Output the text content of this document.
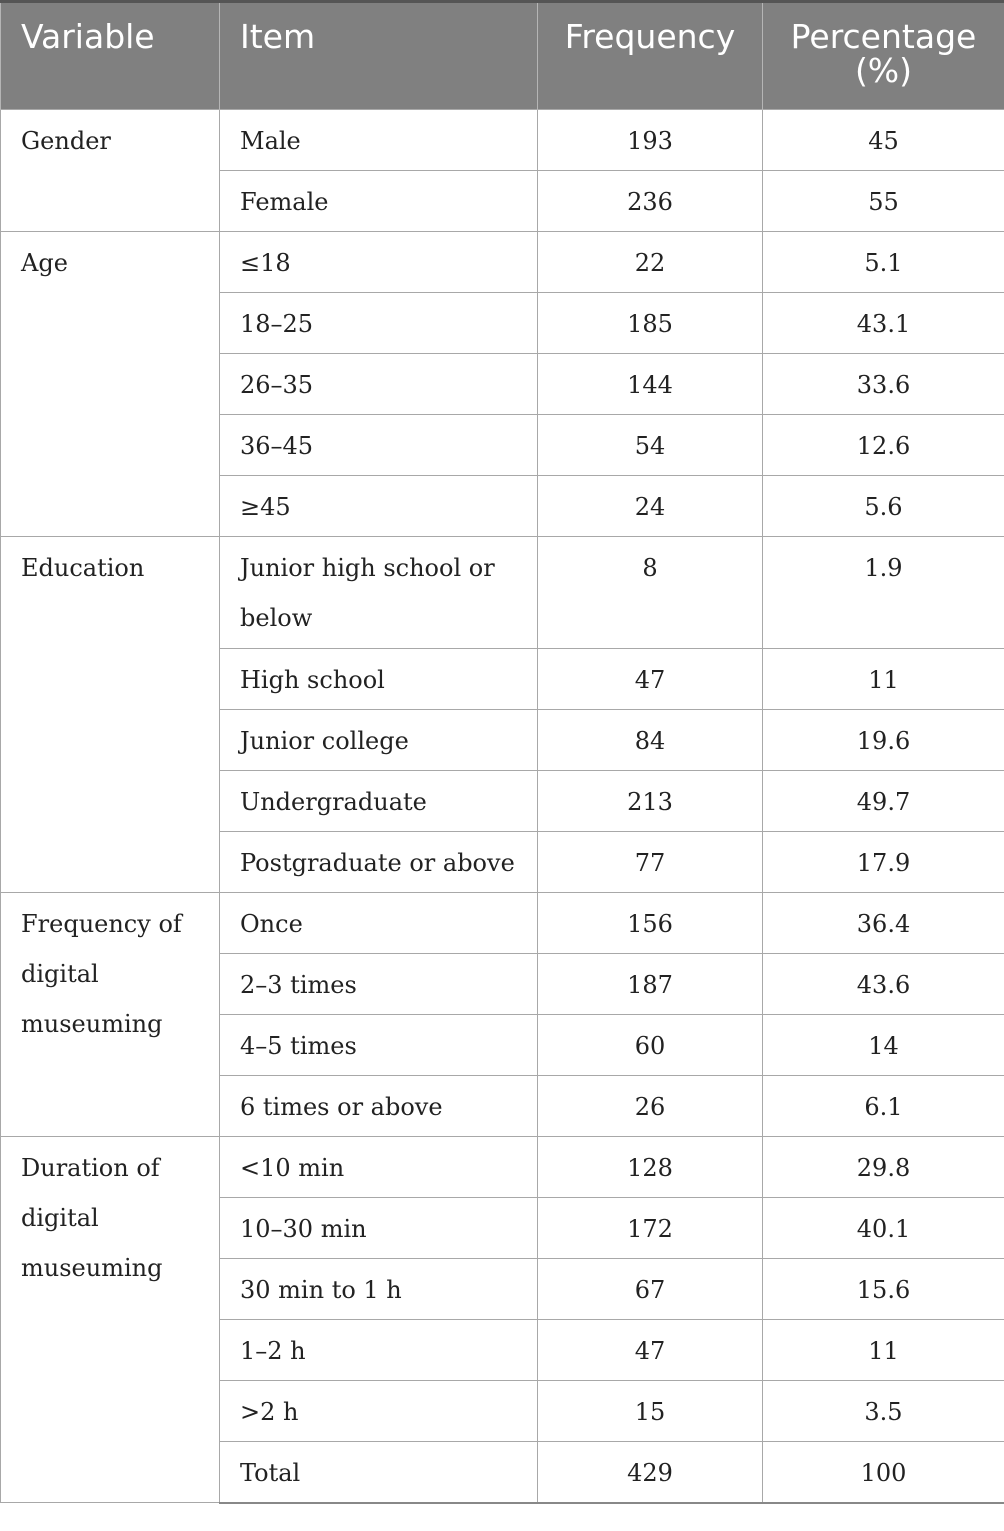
Variable	Item	Frequency	Percentage
(%)
Gender	Male	193	45
	Female	236	55
Age	≤18	22	5.1
	18–25	185	43.1
	26–35	144	33.6
	36–45	54	12.6
	≥45	24	5.6
Education	Junior high school or below	8	1.9
	High school	47	11
	Junior college	84	19.6
	Undergraduate	213	49.7
	Postgraduate or above	77	17.9
Frequency of digital museuming	Once	156	36.4
	2–3 times	187	43.6
	4–5 times	60	14
	6 times or above	26	6.1
Duration of digital museuming	<10 min	128	29.8
	10–30 min	172	40.1
	30 min to 1 h	67	15.6
	1–2 h	47	11
	>2 h	15	3.5
	Total	429	100
